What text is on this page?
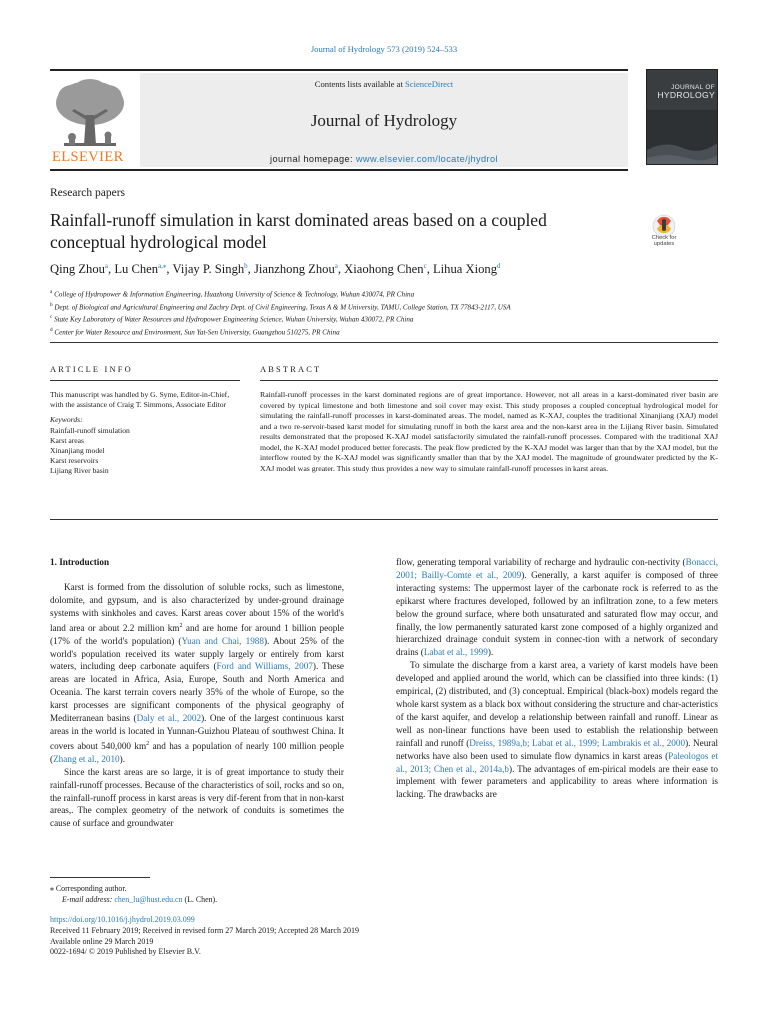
Journal of Hydrology 573 (2019) 524–533
ELSEVIER
Contents lists available at ScienceDirect
Journal of Hydrology
journal homepage: www.elsevier.com/locate/jhydrol
JOURNAL OF
HYDROLOGY
Research papers
Rainfall-runoff simulation in karst dominated areas based on a coupled conceptual hydrological model	Check for
updates
Qing Zhou$^a$, Lu Chen$^{a,⁎}$, Vijay P. Singh$^b$, Jianzhong Zhou$^a$, Xiaohong Chen$^c$, Lihua Xiong$^d$
$^a$ College of Hydropower & Information Engineering, Huazhong University of Science & Technology, Wuhan 430074, PR China
$^b$ Dept. of Biological and Agricultural Engineering and Zachry Dept. of Civil Engineering, Texas A & M University, TAMU, College Station, TX 77843-2117, USA
$^c$ State Key Laboratory of Water Resources and Hydropower Engineering Science, Wuhan University, Wuhan 430072, PR China
$^d$ Center for Water Resource and Environment, Sun Yat-Sen University, Guangzhou 510275, PR China
ARTICLE INFO	ABSTRACT
This manuscript was handled by G. Syme, Editor-in-Chief, with the assistance of Craig T. Simmons, Associate Editor
Keywords:
Rainfall-runoff simulation
Karst areas
Xinanjiang model
Karst reservoirs
Lijiang River basin
Rainfall-runoff processes in the karst dominated regions are of great importance. However, not all areas in a karst-dominated river basin are covered by typical limestone and both limestone and soil cover may exist. This study proposes a coupled conceptual hydrological model for simulating the rainfall-runoff processes in karst-dominated areas. The model, named as K-XAJ, couples the traditional Xinanjiang (XAJ) model and a two re-servoir-based karst model for simulating runoff in both the karst area and the non-karst area in the Lijiang River basin. Simulated results demonstrated that the proposed K-XAJ model satisfactorily simulated the rainfall-runoff processes. Compared with the traditional XAJ model, the K-XAJ model produced better forecasts. The peak flow predicted by the K-XAJ model was larger than that by the XAJ model, but the interflow routed by the K-XAJ model was significantly smaller than that by the XAJ model. The magnitude of groundwater predicted by the K-XAJ model was greater. This study thus provides a new way to simulate rainfall-runoff processes in karst areas.
1. Introduction
Karst is formed from the dissolution of soluble rocks, such as limestone, dolomite, and gypsum, and is also characterized by under-ground drainage systems with sinkholes and caves. Karst areas cover about 15% of the world's land area or about 2.2 million $km^2$ and are home for around 1 billion people (17% of the world's population) (Yuan and Chai, 1988). About 25% of the world's population received its water supply largely or entirely from karst waters, including deep carbonate aquifers (Ford and Williams, 2007). These areas are located in Africa, Asia, Europe, South and North America and Oceania. The karst terrain covers nearly 35% of the whole of Europe, so the karst processes are significant components of the physical geography of Mediterranean basins (Daly et al., 2002). One of the largest continuous karst areas in the world is located in Yunnan-Guizhou Plateau of southwest China. It covers about 540,000 $km^2$ and has a population of nearly 100 million people (Zhang et al., 2010).
Since the karst areas are so large, it is of great importance to study their rainfall-runoff processes. Because of the characteristics of soil, rocks and so on, the rainfall-runoff process in karst areas is very dif-ferent from that in non-karst areas,. The complex geometry of the network of conduits is sometimes the cause of surface and groundwater
flow, generating temporal variability of recharge and hydraulic con-nectivity (Bonacci, 2001; Bailly-Comte et al., 2009). Generally, a karst aquifer is composed of three interacting systems: The uppermost layer of the carbonate rock is referred to as the epikarst where fractures developed, followed by an infiltration zone, to a few meters below the ground surface, where both unsaturated and saturated flow may occur, and finally, the low permanently saturated karst zone composed of a highly organized and hierarchized drainage conduit system in connec-tion with a network of secondary drains (Labat et al., 1999).
To simulate the discharge from a karst area, a variety of karst models have been developed and applied around the world, which can be classified into three kinds: (1) empirical, (2) distributed, and (3) conceptual. Empirical (black-box) models regard the whole karst system as a black box without considering the structure and char-acteristics of the karst aquifer, and develop a relationship between rainfall and runoff. Linear as well as non-linear functions have been used to establish the relationship between rainfall and runoff (Dreiss, 1989a,b; Labat et al., 1999; Lambrakis et al., 2000). Neural networks have also been used to simulate flow dynamics in karst areas (Paleologos et al., 2013; Chen et al., 2014a,b). The advantages of em-pirical models are their ease to implement with fewer parameters and applicability to areas where information is lacking. The drawbacks are
⁎ Corresponding author.
E-mail address: chen_lu@hust.edu.cn (L. Chen).
https://doi.org/10.1016/j.jhydrol.2019.03.099
Received 11 February 2019; Received in revised form 27 March 2019; Accepted 28 March 2019
Available online 29 March 2019
0022-1694/ © 2019 Published by Elsevier B.V.
